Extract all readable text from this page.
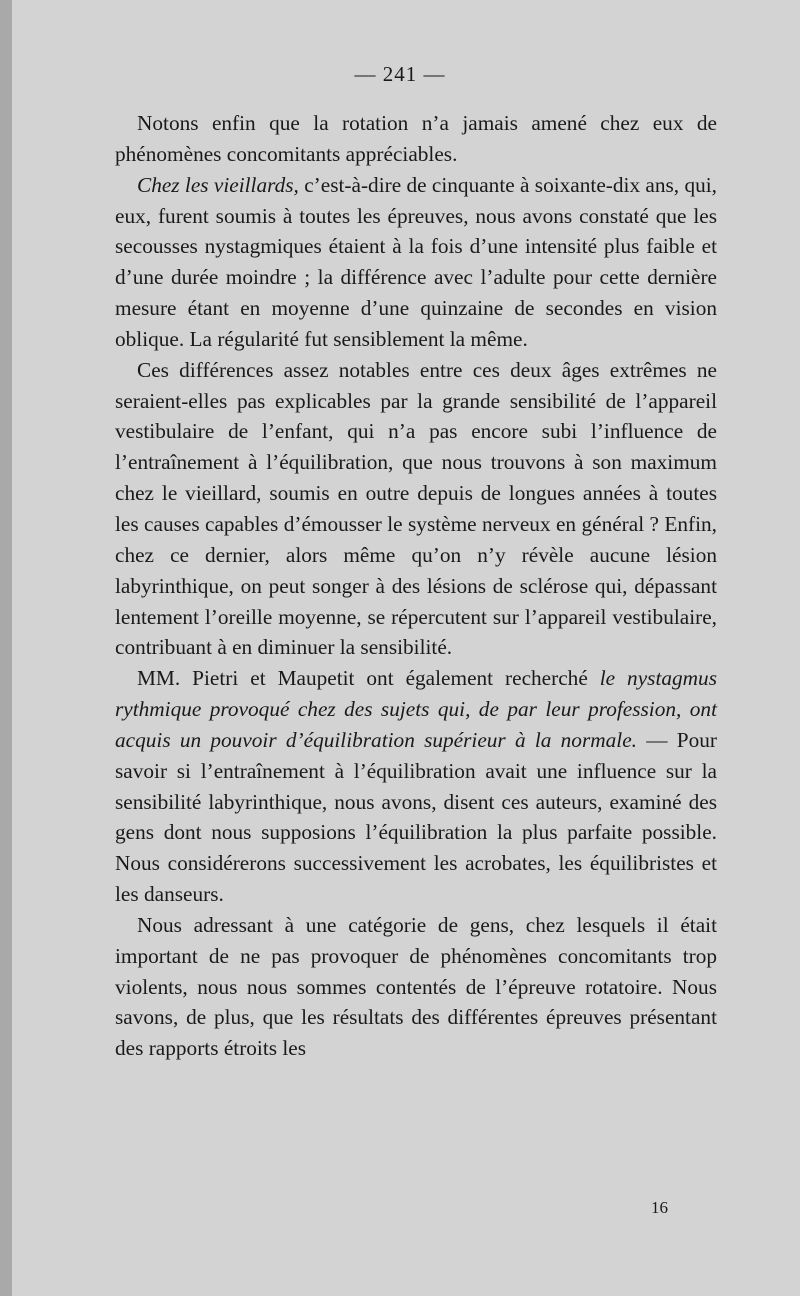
— 241 —

Notons enfin que la rotation n’a jamais amené chez eux de phénomènes concomitants appréciables.

Chez les vieillards, c’est-à-dire de cinquante à soixante-dix ans, qui, eux, furent soumis à toutes les épreuves, nous avons constaté que les secousses nystagmiques étaient à la fois d’une intensité plus faible et d’une durée moindre ; la différence avec l’adulte pour cette dernière mesure étant en moyenne d’une quinzaine de secondes en vision oblique. La régularité fut sensiblement la même.

Ces différences assez notables entre ces deux âges extrêmes ne seraient-elles pas explicables par la grande sensibilité de l’appareil vestibulaire de l’enfant, qui n’a pas encore subi l’influence de l’entraînement à l’équilibration, que nous trouvons à son maximum chez le vieillard, soumis en outre depuis de longues années à toutes les causes capables d’émousser le système nerveux en général ? Enfin, chez ce dernier, alors même qu’on n’y révèle aucune lésion labyrinthique, on peut songer à des lésions de sclérose qui, dépassant lentement l’oreille moyenne, se répercutent sur l’appareil vestibulaire, contribuant à en diminuer la sensibilité.

MM. Pietri et Maupetit ont également recherché le nystagmus rythmique provoqué chez des sujets qui, de par leur profession, ont acquis un pouvoir d’équilibration supérieur à la normale. — Pour savoir si l’entraînement à l’équilibration avait une influence sur la sensibilité labyrinthique, nous avons, disent ces auteurs, examiné des gens dont nous supposions l’équilibration la plus parfaite possible. Nous considérerons successivement les acrobates, les équilibristes et les danseurs.

Nous adressant à une catégorie de gens, chez lesquels il était important de ne pas provoquer de phénomènes concomitants trop violents, nous nous sommes contentés de l’épreuve rotatoire. Nous savons, de plus, que les résultats des différentes épreuves présentant des rapports étroits les

16
